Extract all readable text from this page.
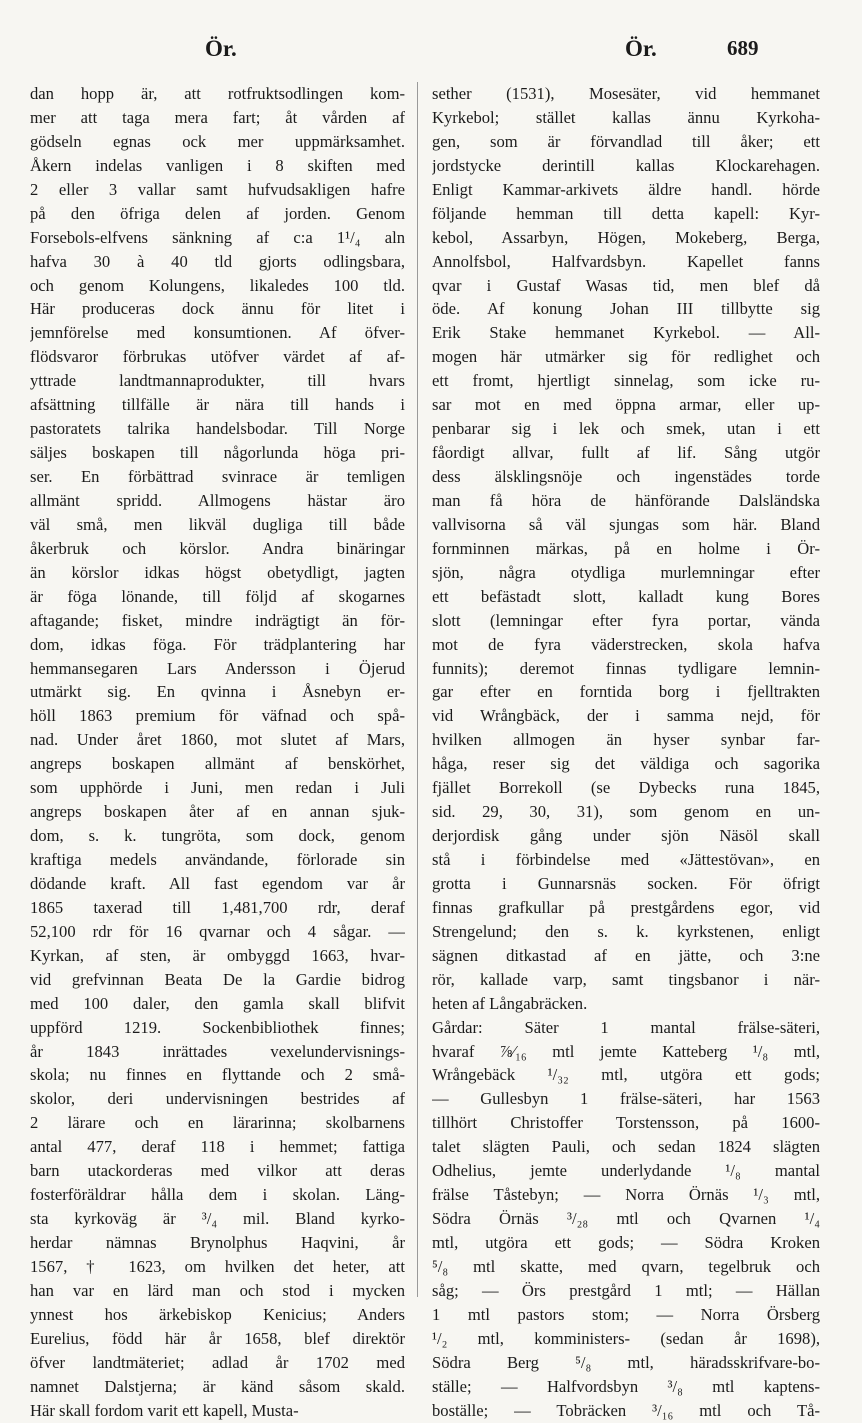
Ör.	Ör.	689
dan hopp är, att rotfruktsodlingen kom-
mer att taga mera fart; åt vården af
gödseln egnas ock mer uppmärksamhet.
Åkern indelas vanligen i 8 skiften med
2 eller 3 vallar samt hufvudsakligen hafre
på den öfriga delen af jorden. Genom
Forsebols-elfvens sänkning af c:a 1¹/₄ aln
hafva 30 à 40 tld gjorts odlingsbara,
och genom Kolungens, likaledes 100 tld.
Här produceras dock ännu för litet i
jemnförelse med konsumtionen. Af öfver-
flödsvaror förbrukas utöfver värdet af af-
yttrade landtmannaprodukter, till hvars
afsättning tillfälle är nära till hands i
pastoratets talrika handelsbodar. Till Norge
säljes boskapen till någorlunda höga pri-
ser. En förbättrad svinrace är temligen
allmänt spridd. Allmogens hästar äro
väl små, men likväl dugliga till både
åkerbruk och körslor. Andra binäringar
än körslor idkas högst obetydligt, jagten
är föga lönande, till följd af skogarnes
aftagande; fisket, mindre indrägtigt än för-
dom, idkas föga. För trädplantering har
hemmansegaren Lars Andersson i Öjerud
utmärkt sig. En qvinna i Åsnebyn er-
höll 1863 premium för väfnad och spå-
nad. Under året 1860, mot slutet af Mars,
angreps boskapen allmänt af benskörhet,
som upphörde i Juni, men redan i Juli
angreps boskapen åter af en annan sjuk-
dom, s. k. tungröta, som dock, genom
kraftiga medels användande, förlorade sin
dödande kraft. All fast egendom var år
1865 taxerad till 1,481,700 rdr, deraf
52,100 rdr för 16 qvarnar och 4 sågar. —
Kyrkan, af sten, är ombyggd 1663, hvar-
vid grefvinnan Beata De la Gardie bidrog
med 100 daler, den gamla skall blifvit
uppförd 1219. Sockenbibliothek finnes;
år 1843 inrättades vexelundervisnings-
skola; nu finnes en flyttande och 2 små-
skolor, deri undervisningen bestrides af
2 lärare och en lärarinna; skolbarnens
antal 477, deraf 118 i hemmet; fattiga
barn utackorderas med vilkor att deras
fosterföräldrar hålla dem i skolan. Läng-
sta kyrkoväg är ³/₄ mil. Bland kyrko-
herdar nämnas Brynolphus Haqvini, år
1567, † 1623, om hvilken det heter, att
han var en lärd man och stod i mycken
ynnest hos ärkebiskop Kenicius; Anders
Eurelius, född här år 1658, blef direktör
öfver landtmäteriet; adlad år 1702 med
namnet Dalstjerna; är känd såsom skald.
Här skall fordom varit ett kapell, Musta-
sether (1531), Mosesäter, vid hemmanet
Kyrkebol; stället kallas ännu Kyrkoha-
gen, som är förvandlad till åker; ett
jordstycke derintill kallas Klockarehagen.
Enligt Kammar-arkivets äldre handl. hörde
följande hemman till detta kapell: Kyr-
kebol, Assarbyn, Högen, Mokeberg, Berga,
Annolfsbol, Halfvardsbyn. Kapellet fanns
qvar i Gustaf Wasas tid, men blef då
öde. Af konung Johan III tillbytte sig
Erik Stake hemmanet Kyrkebol. — All-
mogen här utmärker sig för redlighet och
ett fromt, hjertligt sinnelag, som icke ru-
sar mot en med öppna armar, eller up-
penbarar sig i lek och smek, utan i ett
fåordigt allvar, fullt af lif. Sång utgör
dess älsklingsnöje och ingenstädes torde
man få höra de hänförande Dalsländska
vallvisorna så väl sjungas som här. Bland
fornminnen märkas, på en holme i Ör-
sjön, några otydliga murlemningar efter
ett befästadt slott, kalladt kung Bores
slott (lemningar efter fyra portar, vända
mot de fyra väderstrecken, skola hafva
funnits); deremot finnas tydligare lemnin-
gar efter en forntida borg i fjelltrakten
vid Wrångbäck, der i samma nejd, för
hvilken allmogen än hyser synbar far-
håga, reser sig det väldiga och sagorika
fjället Borrekoll (se Dybecks runa 1845,
sid. 29, 30, 31), som genom en un-
derjordisk gång under sjön Näsöl skall
stå i förbindelse med «Jättestövan», en
grotta i Gunnarsnäs socken. För öfrigt
finnas grafkullar på prestgårdens egor, vid
Strengelund; den s. k. kyrkstenen, enligt
sägnen ditkastad af en jätte, och 3:ne
rör, kallade varp, samt tingsbanor i när-
heten af Långabräcken.
Gårdar: Säter 1 mantal frälse-säteri,
hvaraf ⅞⁄₁₆ mtl jemte Katteberg ¹/₈ mtl,
Wrångebäck ¹/₃₂ mtl, utgöra ett gods;
— Gullesbyn 1 frälse-säteri, har 1563
tillhört Christoffer Torstensson, på 1600-
talet slägten Pauli, och sedan 1824 slägten
Odhelius, jemte underlydande ¹/₈ mantal
frälse Tåstebyn; — Norra Örnäs ¹/₃ mtl,
Södra Örnäs ³/₂₈ mtl och Qvarnen ¹/₄
mtl, utgöra ett gods; — Södra Kroken
⁵/₈ mtl skatte, med qvarn, tegelbruk och
såg; — Örs prestgård 1 mtl; — Hällan
1 mtl pastors stom; — Norra Örsberg
¹/₂ mtl, komministers- (sedan år 1698),
Södra Berg ⁵/₈ mtl, häradsskrifvare-bo-
ställe; — Halfvordsbyn ³/₈ mtl kaptens-
boställe; — Tobräcken ³/₁₆ mtl och Tå-
